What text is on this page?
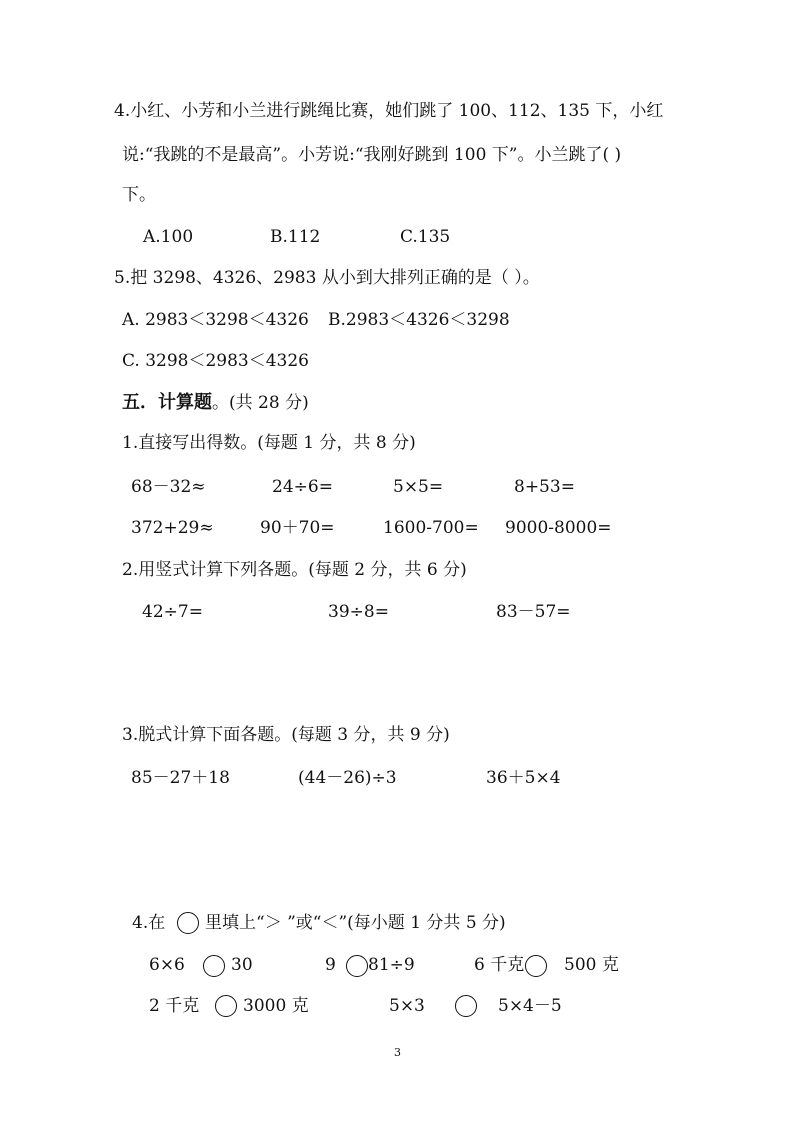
4.小红、小芳和小兰进行跳绳比赛，她们跳了 100、112、135 下，小红
说:“我跳的不是最高”。小芳说:“我刚好跳到 100 下”。小兰跳了( )
下。
A.100	B.112	C.135
5.把 3298、4326、2983 从小到大排列正确的是（ ）。
A. 2983＜3298＜4326 B.2983＜4326＜3298
C. 3298＜2983＜4326
五．计算题。(共 28 分)
1.直接写出得数。(每题 1 分，共 8 分)
68－32≈	24÷6=	5×5=	8+53=
372+29≈	90＋70=	1600-700= 9000-8000=
2.用竖式计算下列各题。(每题 2 分，共 6 分)
42÷7=	39÷8=	83－57=
3.脱式计算下面各题。(每题 3 分，共 9 分)
85－27＋18	(44－26)÷3	36＋5×4
4.在 里填上“＞ ”或“＜”(每小题 1 分共 5 分)
6×6	30	9 81÷9	6 千克 500 克
2 千克	3000 克	5×3	5×4－5
3
